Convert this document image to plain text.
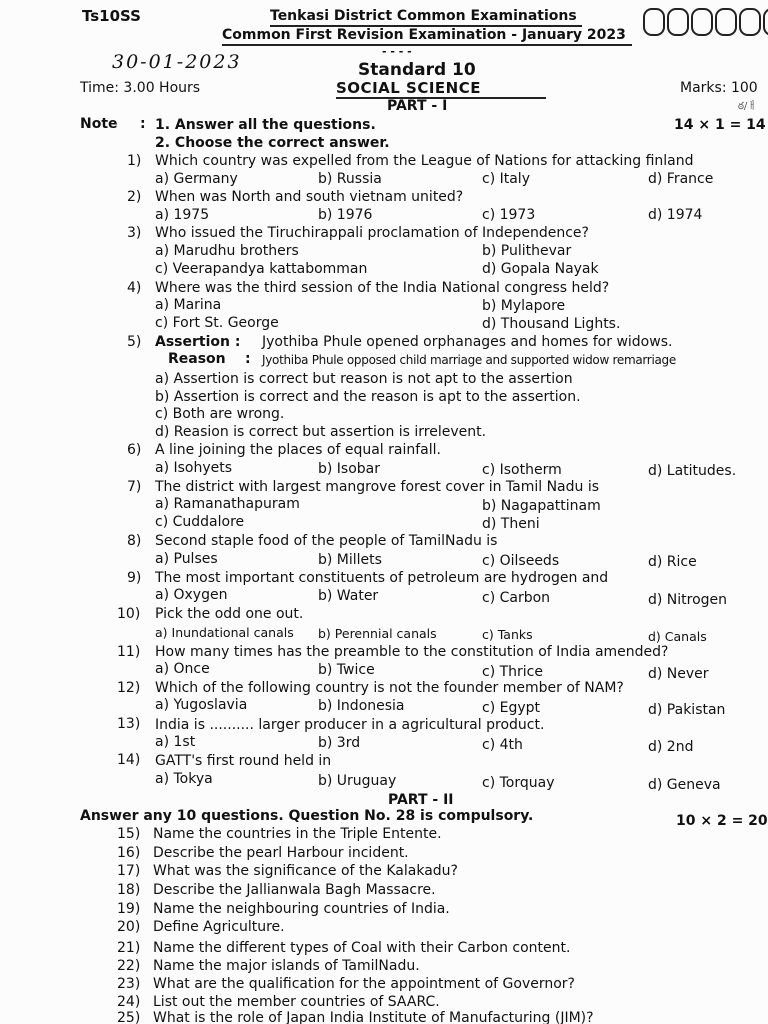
Ts10SS	Tenkasi District Common Examinations
Common First Revision Examination - January 2023
- - - -
30-01-2023	Standard 10
SOCIAL SCIENCE
Time: 3.00 Hours	Marks: 100
ఠ/ㅐ
PART - I
Note : 1. Answer all the questions.
2. Choose the correct answer.
14 × 1 = 14
1) Which country was expelled from the League of Nations for attacking finland
a) Germany	b) Russia	c) Italy	d) France
2) When was North and south vietnam united?
a) 1975	b) 1976	c) 1973	d) 1974
3) Who issued the Tiruchirappali proclamation of Independence?
a) Marudhu brothers	b) Pulithevar
c) Veerapandya kattabomman	d) Gopala Nayak
4) Where was the third session of the India National congress held?
a) Marina	b) Mylapore
c) Fort St. George	d) Thousand Lights.
5) Assertion : Jyothiba Phule opened orphanages and homes for widows.
Reason : Jyothiba Phule opposed child marriage and supported widow remarriage
a) Assertion is correct but reason is not apt to the assertion
b) Assertion is correct and the reason is apt to the assertion.
c) Both are wrong.
d) Reasion is correct but assertion is irrelevent.
6) A line joining the places of equal rainfall.
a) Isohyets	b) Isobar	c) Isotherm	d) Latitudes.
7) The district with largest mangrove forest cover in Tamil Nadu is
a) Ramanathapuram	b) Nagapattinam
c) Cuddalore	d) Theni
8) Second staple food of the people of TamilNadu is
a) Pulses	b) Millets	c) Oilseeds	d) Rice
9) The most important constituents of petroleum are hydrogen and
a) Oxygen	b) Water	c) Carbon	d) Nitrogen
10) Pick the odd one out.
a) Inundational canals b) Perennial canals	c) Tanks	d) Canals
11) How many times has the preamble to the constitution of India amended?
a) Once	b) Twice	c) Thrice	d) Never
12) Which of the following country is not the founder member of NAM?
a) Yugoslavia	b) Indonesia	c) Egypt	d) Pakistan
13) India is .......... larger producer in a agricultural product.
a) 1st	b) 3rd	c) 4th	d) 2nd
14) GATT's first round held in
a) Tokya	b) Uruguay	c) Torquay	d) Geneva
PART - II
Answer any 10 questions. Question No. 28 is compulsory.	10 × 2 = 20
15) Name the countries in the Triple Entente.
16) Describe the pearl Harbour incident.
17) What was the significance of the Kalakadu?
18) Describe the Jallianwala Bagh Massacre.
19) Name the neighbouring countries of India.
20) Define Agriculture.
21) Name the different types of Coal with their Carbon content.
22) Name the major islands of TamilNadu.
23) What are the qualification for the appointment of Governor?
24) List out the member countries of SAARC.
25) What is the role of Japan India Institute of Manufacturing (JIM)?
